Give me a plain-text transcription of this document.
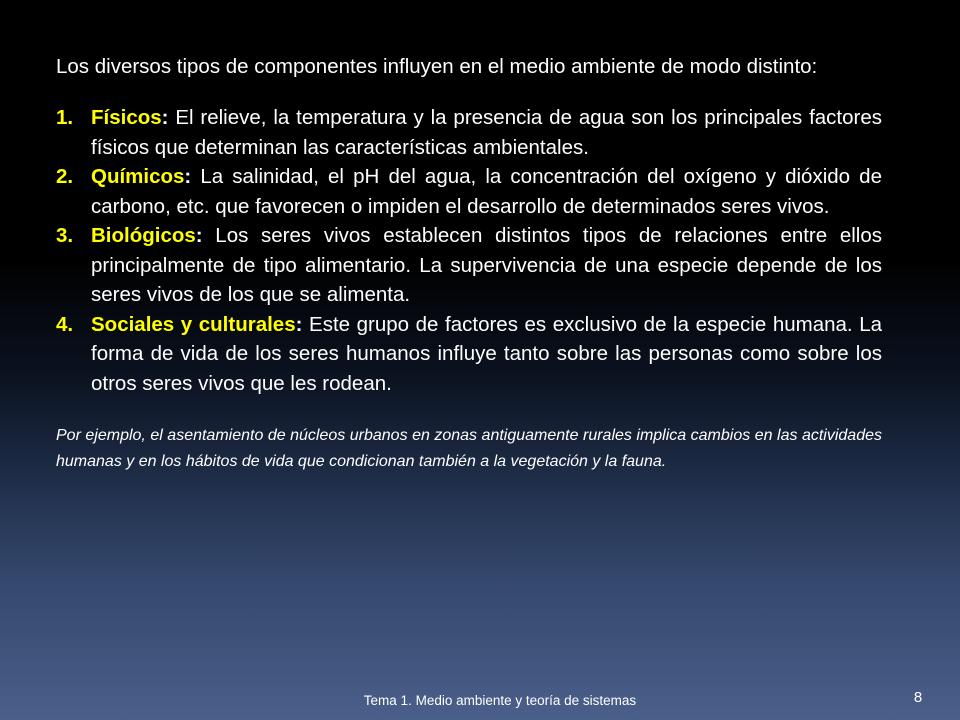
Los diversos tipos de componentes influyen en el medio ambiente de modo distinto:

1. Físicos: El relieve, la temperatura y la presencia de agua son los principales factores físicos que determinan las características ambientales.
2. Químicos: La salinidad, el pH del agua, la concentración del oxígeno y dióxido de carbono, etc. que favorecen o impiden el desarrollo de determinados seres vivos.
3. Biológicos: Los seres vivos establecen distintos tipos de relaciones entre ellos principalmente de tipo alimentario. La supervivencia de una especie depende de los seres vivos de los que se alimenta.
4. Sociales y culturales: Este grupo de factores es exclusivo de la especie humana. La forma de vida de los seres humanos influye tanto sobre las personas como sobre los otros seres vivos que les rodean.

Por ejemplo, el asentamiento de núcleos urbanos en zonas antiguamente rurales implica cambios en las actividades humanas y en los hábitos de vida que condicionan también a la vegetación y la fauna.

Tema 1. Medio ambiente y teoría de sistemas	8
